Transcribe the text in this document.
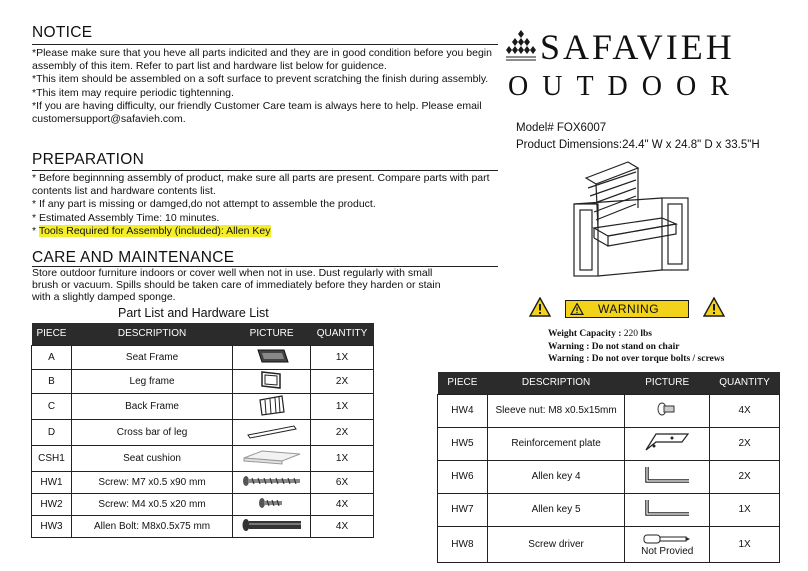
NOTICE

*Please make sure that you heve all parts indicited and they are in good condition before you begin assembly of this item. Refer to part list and hardware list below for guidence.

*This item should be assembled on a soft surface to prevent scratching the finish during assembly.

*This item may require periodic tightenning.

*If you are having difficulty, our friendly Customer Care team is always here to help. Please email customersupport@safavieh.com.

PREPARATION

* Before beginnning assembly of product, make sure all parts are present. Compare parts with part contents list and hardware contents list.

* If any part is missing or damged,do not attempt to assemble the product.

* Estimated Assembly Time: 10 minutes.

* Tools Required for Assembly (included): Allen Key

CARE AND MAINTENANCE
Store outdoor furniture indoors or cover well when not in use. Dust regularly with small brush or vacuum. Spills should be taken care of immediately before they harden or stain with a slightly damped sponge.
SAFAVIEH
OUTDOOR
Model# FOX6007
Product Dimensions:24.4" W x 24.8" D x 33.5"H
WARNING
Weight Capacity : 220 lbs
Warning : Do not stand on chair
Warning : Do not over torque bolts / screws
Part List and Hardware List
PIECE	DESCRIPTION	PICTURE	QUANTITY
A	Seat Frame		1X
B	Leg frame		2X
C	Back Frame		1X
D	Cross bar of leg		2X
CSH1	Seat cushion		1X
HW1	Screw: M7 x0.5 x90 mm		6X
HW2	Screw: M4 x0.5 x20 mm		4X
HW3	Allen Bolt: M8x0.5x75 mm		4X
PIECE	DESCRIPTION	PICTURE	QUANTITY
HW4	Sleeve nut: M8 x0.5x15mm		4X
HW5	Reinforcement plate		2X
HW6	Allen key 4		2X
HW7	Allen key 5		1X
HW8	Screw driver	Not Provied	1X
